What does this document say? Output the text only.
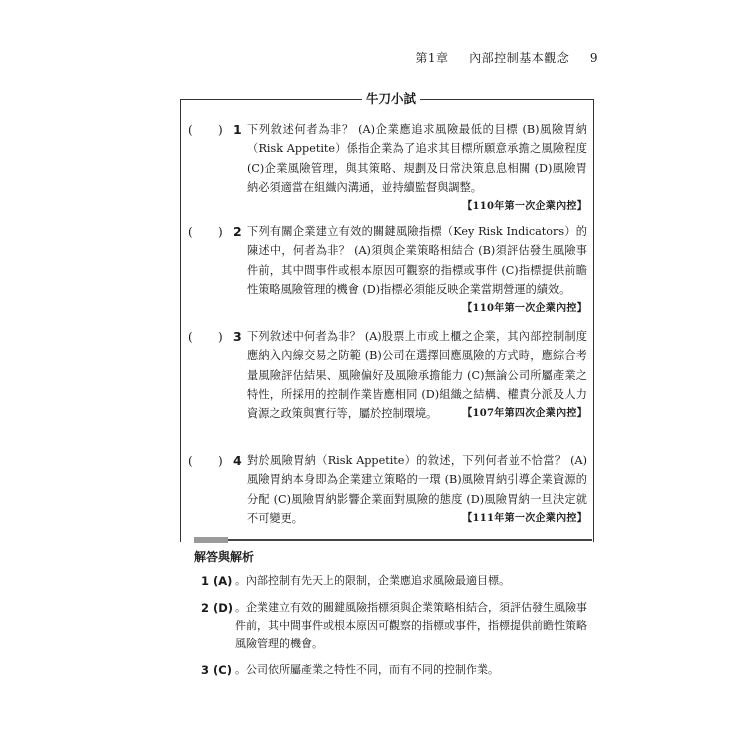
第1章 內部控制基本觀念 9
牛刀小試
( ) 1 下列敘述何者為非？ (A)企業應追求風險最低的目標 (B)風險胃納（Risk Appetite）係指企業為了追求其目標所願意承擔之風險程度 (C)企業風險管理，與其策略、規劃及日常決策息息相關 (D)風險胃納必須適當在組織內溝通，並持續監督與調整。
【110年第一次企業內控】
( ) 2 下列有關企業建立有效的關鍵風險指標（Key Risk Indicators）的陳述中，何者為非？ (A)須與企業策略相結合 (B)須評估發生風險事件前，其中間事件或根本原因可觀察的指標或事件 (C)指標提供前瞻性策略風險管理的機會 (D)指標必須能反映企業當期營運的績效。
【110年第一次企業內控】
( ) 3 下列敘述中何者為非？ (A)股票上市或上櫃之企業，其內部控制制度應納入內線交易之防範 (B)公司在選擇回應風險的方式時，應綜合考量風險評估結果、風險偏好及風險承擔能力 (C)無論公司所屬產業之特性，所採用的控制作業皆應相同 (D)組織之結構、權責分派及人力資源之政策與實行等，屬於控制環境。	【107年第四次企業內控】
( ) 4 對於風險胃納（Risk Appetite）的敘述，下列何者並不恰當？ (A)風險胃納本身即為企業建立策略的一環 (B)風險胃納引導企業資源的分配 (C)風險胃納影響企業面對風險的態度 (D)風險胃納一旦決定就不可變更。	【111年第一次企業內控】
解答與解析
1 (A) 。內部控制有先天上的限制，企業應追求風險最適目標。
2 (D) 。企業建立有效的關鍵風險指標須與企業策略相結合，須評估發生風險事件前，其中間事件或根本原因可觀察的指標或事件，指標提供前瞻性策略風險管理的機會。
3 (C) 。公司依所屬產業之特性不同，而有不同的控制作業。
